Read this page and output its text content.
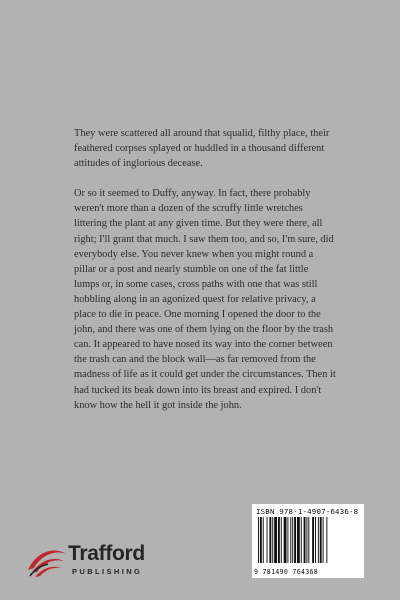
They were scattered all around that squalid, filthy place, their feathered corpses splayed or huddled in a thousand different attitudes of inglorious decease.

Or so it seemed to Duffy, anyway. In fact, there probably weren't more than a dozen of the scruffy little wretches littering the plant at any given time. But they were there, all right; I'll grant that much. I saw them too, and so, I'm sure, did everybody else. You never knew when you might round a pillar or a post and nearly stumble on one of the fat little lumps or, in some cases, cross paths with one that was still hobbling along in an agonized quest for relative privacy, a place to die in peace. One morning I opened the door to the john, and there was one of them lying on the floor by the trash can. It appeared to have nosed its way into the corner between the trash can and the block wall—as far removed from the madness of life as it could get under the circumstances. Then it had tucked its beak down into its breast and expired. I don't know how the hell it got inside the john.

ISBN 978-1-4907-6436-8
9 781490 764368
Trafford
PUBLISHING
